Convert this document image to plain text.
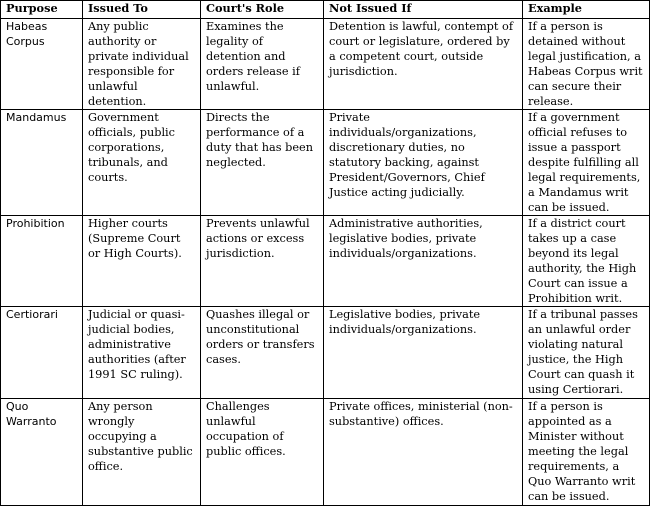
Purpose	Issued To	Court's Role	Not Issued If	Example
Habeas Corpus	Any public authority or private individual responsible for unlawful detention.	Examines the legality of detention and orders release if unlawful.	Detention is lawful, contempt of court or legislature, ordered by a competent court, outside jurisdiction.	If a person is detained without legal justification, a Habeas Corpus writ can secure their release.
Mandamus	Government officials, public corporations, tribunals, and courts.	Directs the performance of a duty that has been neglected.	Private individuals/organizations, discretionary duties, no statutory backing, against President/Governors, Chief Justice acting judicially.	If a government official refuses to issue a passport despite fulfilling all legal requirements, a Mandamus writ can be issued.
Prohibition	Higher courts (Supreme Court or High Courts).	Prevents unlawful actions or excess jurisdiction.	Administrative authorities, legislative bodies, private individuals/organizations.	If a district court takes up a case beyond its legal authority, the High Court can issue a Prohibition writ.
Certiorari	Judicial or quasi-judicial bodies, administrative authorities (after 1991 SC ruling).	Quashes illegal or unconstitutional orders or transfers cases.	Legislative bodies, private individuals/organizations.	If a tribunal passes an unlawful order violating natural justice, the High Court can quash it using Certiorari.
Quo Warranto	Any person wrongly occupying a substantive public office.	Challenges unlawful occupation of public offices.	Private offices, ministerial (non-substantive) offices.	If a person is appointed as a Minister without meeting the legal requirements, a Quo Warranto writ can be issued.
